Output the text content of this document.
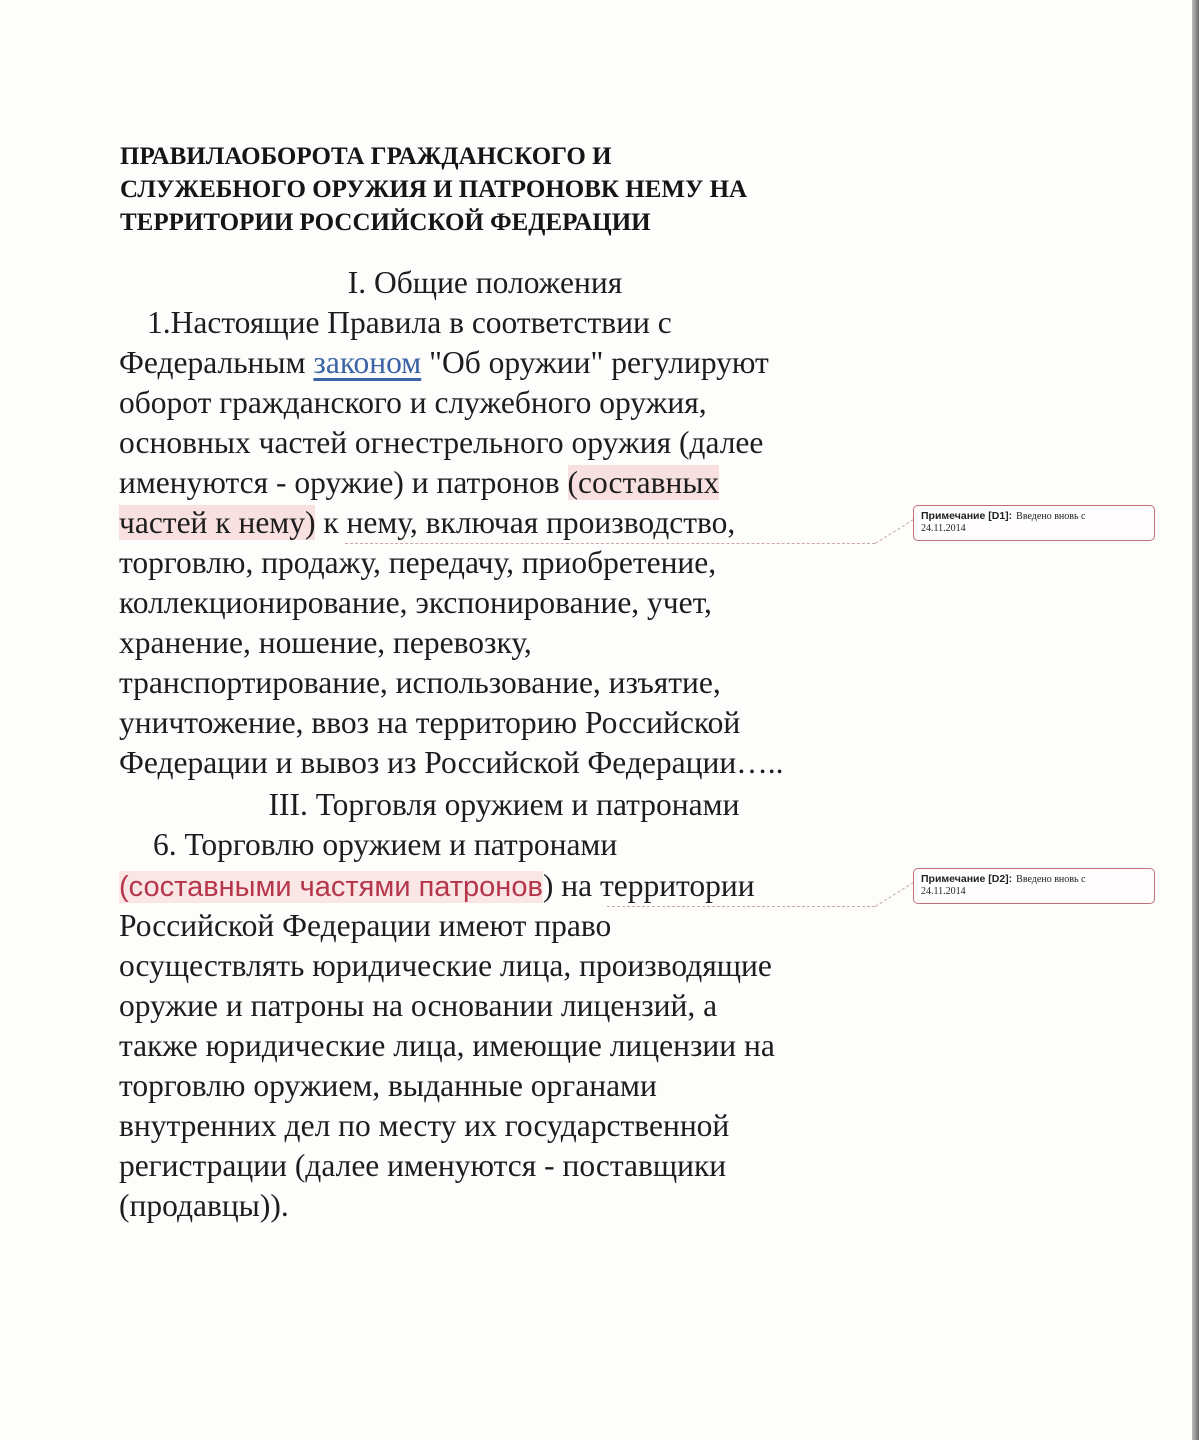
ПРАВИЛАОБОРОТА ГРАЖДАНСКОГО И
СЛУЖЕБНОГО ОРУЖИЯ И ПАТРОНОВК НЕМУ НА
ТЕРРИТОРИИ РОССИЙСКОЙ ФЕДЕРАЦИИ
I. Общие положения
1.Настоящие Правила в соответствии с
Федеральным законом "Об оружии" регулируют
оборот гражданского и служебного оружия,
основных частей огнестрельного оружия (далее
именуются - оружие) и патронов (составных
частей к нему) к нему, включая производство,
торговлю, продажу, передачу, приобретение,
коллекционирование, экспонирование, учет,
хранение, ношение, перевозку,
транспортирование, использование, изъятие,
уничтожение, ввоз на территорию Российской
Федерации и вывоз из Российской Федерации…..
III. Торговля оружием и патронами
6. Торговлю оружием и патронами
(составными частями патронов) на территории
Российской Федерации имеют право
осуществлять юридические лица, производящие
оружие и патроны на основании лицензий, а
также юридические лица, имеющие лицензии на
торговлю оружием, выданные органами
внутренних дел по месту их государственной
регистрации (далее именуются - поставщики
(продавцы)).
Примечание [D1]: Введено вновь с
24.11.2014
Примечание [D2]: Введено вновь с
24.11.2014
